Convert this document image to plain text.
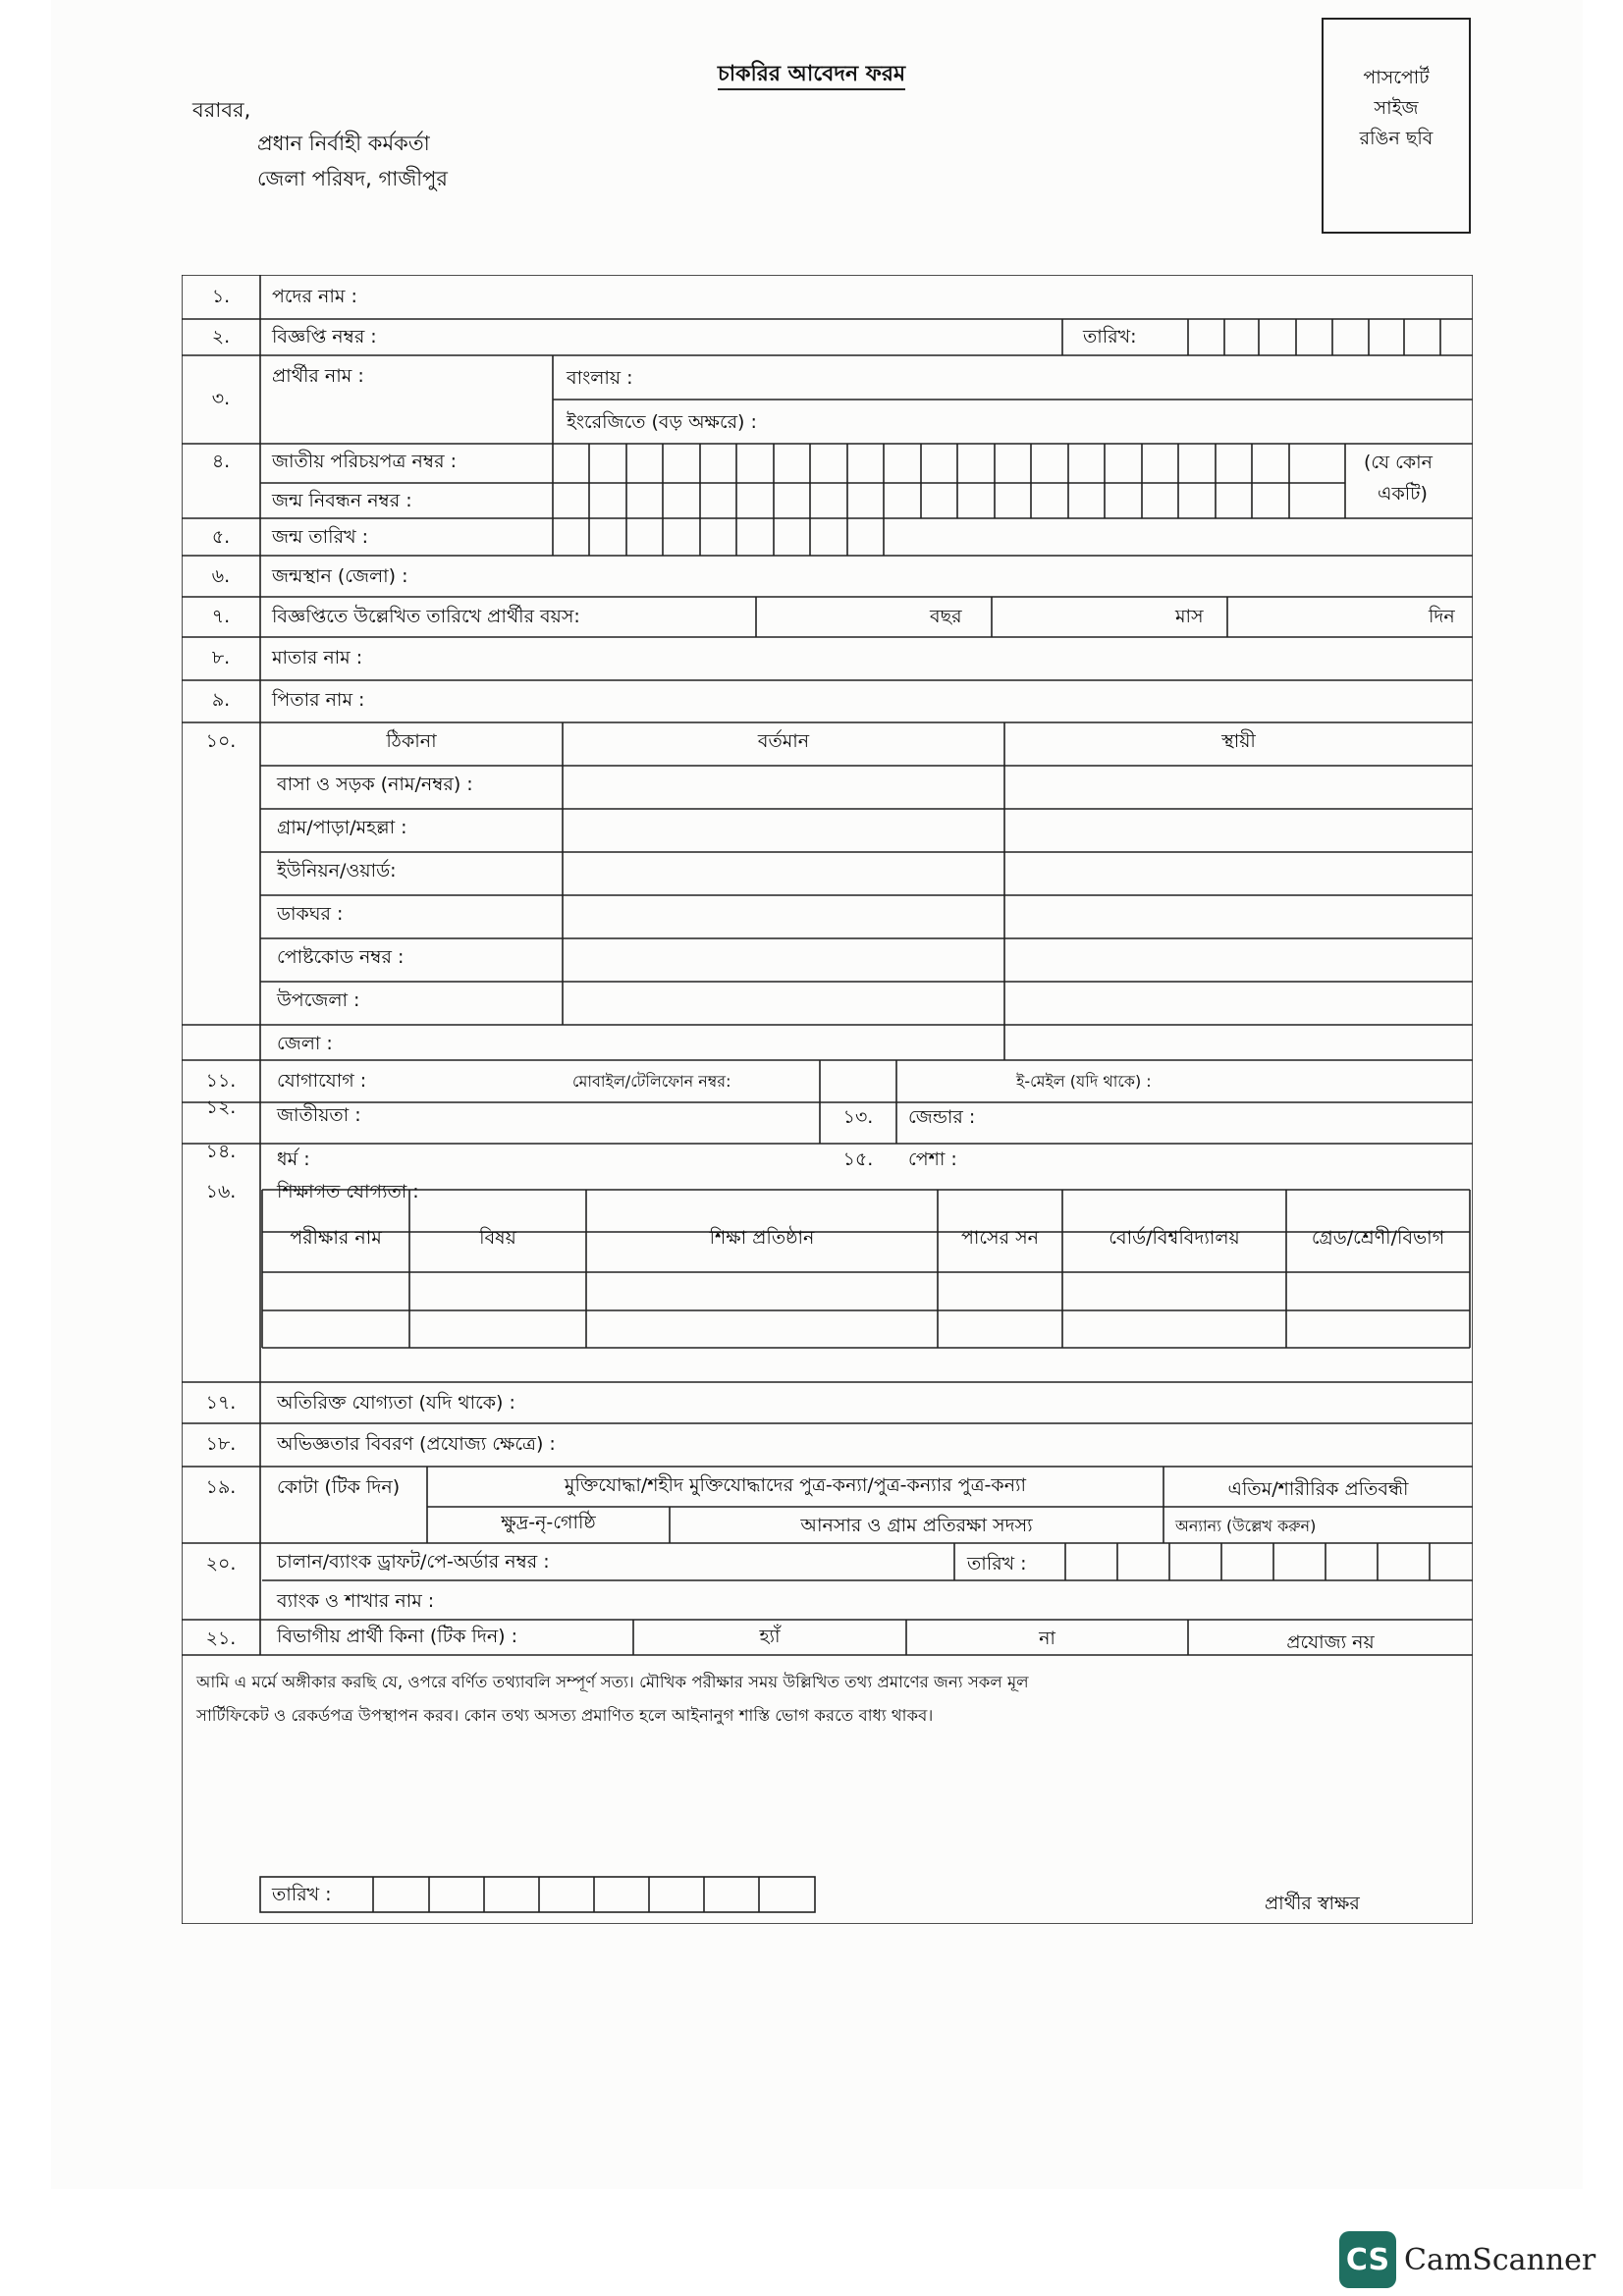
চাকরির আবেদন ফরম
বরাবর,
প্রধান নির্বাহী কর্মকর্তা
জেলা পরিষদ, গাজীপুর
পাসপোর্ট
সাইজ
রঙিন ছবি
১.	পদের নাম :
২.	বিজ্ঞপ্তি নম্বর :	তারিখ:
৩.
প্রার্থীর নাম :	বাংলায় :
ইংরেজিতে (বড় অক্ষরে) :
৪.	জাতীয় পরিচয়পত্র নম্বর :
জন্ম নিবন্ধন নম্বর :
(যে কোন
একটি)
৫.	জন্ম তারিখ :
৬.	জন্মস্থান (জেলা) :
৭.	বিজ্ঞপ্তিতে উল্লেখিত তারিখে প্রার্থীর বয়স:	বছর	মাস	দিন
৮.	মাতার নাম :
৯.	পিতার নাম :
১০.	ঠিকানা	বর্তমান	স্থায়ী
বাসা ও সড়ক (নাম/নম্বর) :
গ্রাম/পাড়া/মহল্লা :
ইউনিয়ন/ওয়ার্ড:
ডাকঘর :
পোষ্টকোড নম্বর :
উপজেলা :
জেলা :
১১.	যোগাযোগ :	মোবাইল/টেলিফোন নম্বর:	ই-মেইল (যদি থাকে) :
১২.	জাতীয়তা :	১৩.	জেন্ডার :
১৪.	ধর্ম :	১৫.	পেশা :
১৬.	শিক্ষাগত যোগ্যতা :
পরীক্ষার নাম	বিষয়	শিক্ষা প্রতিষ্ঠান	পাসের সন	বোর্ড/বিশ্ববিদ্যালয়	গ্রেড/শ্রেণী/বিভাগ
১৭.	অতিরিক্ত যোগ্যতা (যদি থাকে) :
১৮.	অভিজ্ঞতার বিবরণ (প্রযোজ্য ক্ষেত্রে) :
১৯.	কোটা (টিক দিন)	মুক্তিযোদ্ধা/শহীদ মুক্তিযোদ্ধাদের পুত্র-কন্যা/পুত্র-কন্যার পুত্র-কন্যা	এতিম/শারীরিক প্রতিবন্ধী
ক্ষুদ্র-নৃ-গোষ্ঠি	আনসার ও গ্রাম প্রতিরক্ষা সদস্য	অন্যান্য (উল্লেখ করুন)
২০.	চালান/ব্যাংক ড্রাফট/পে-অর্ডার নম্বর :	তারিখ :
ব্যাংক ও শাখার নাম :
২১.	বিভাগীয় প্রার্থী কিনা (টিক দিন) :	হ্যাঁ	না	প্রযোজ্য নয়
আমি এ মর্মে অঙ্গীকার করছি যে, ওপরে বর্ণিত তথ্যাবলি সম্পূর্ণ সত্য। মৌখিক পরীক্ষার সময় উল্লিখিত তথ্য প্রমাণের জন্য সকল মূল
সার্টিফিকেট ও রেকর্ডপত্র উপস্থাপন করব। কোন তথ্য অসত্য প্রমাণিত হলে আইনানুগ শাস্তি ভোগ করতে বাধ্য থাকব।
তারিখ :	প্রার্থীর স্বাক্ষর
CS CamScanner
